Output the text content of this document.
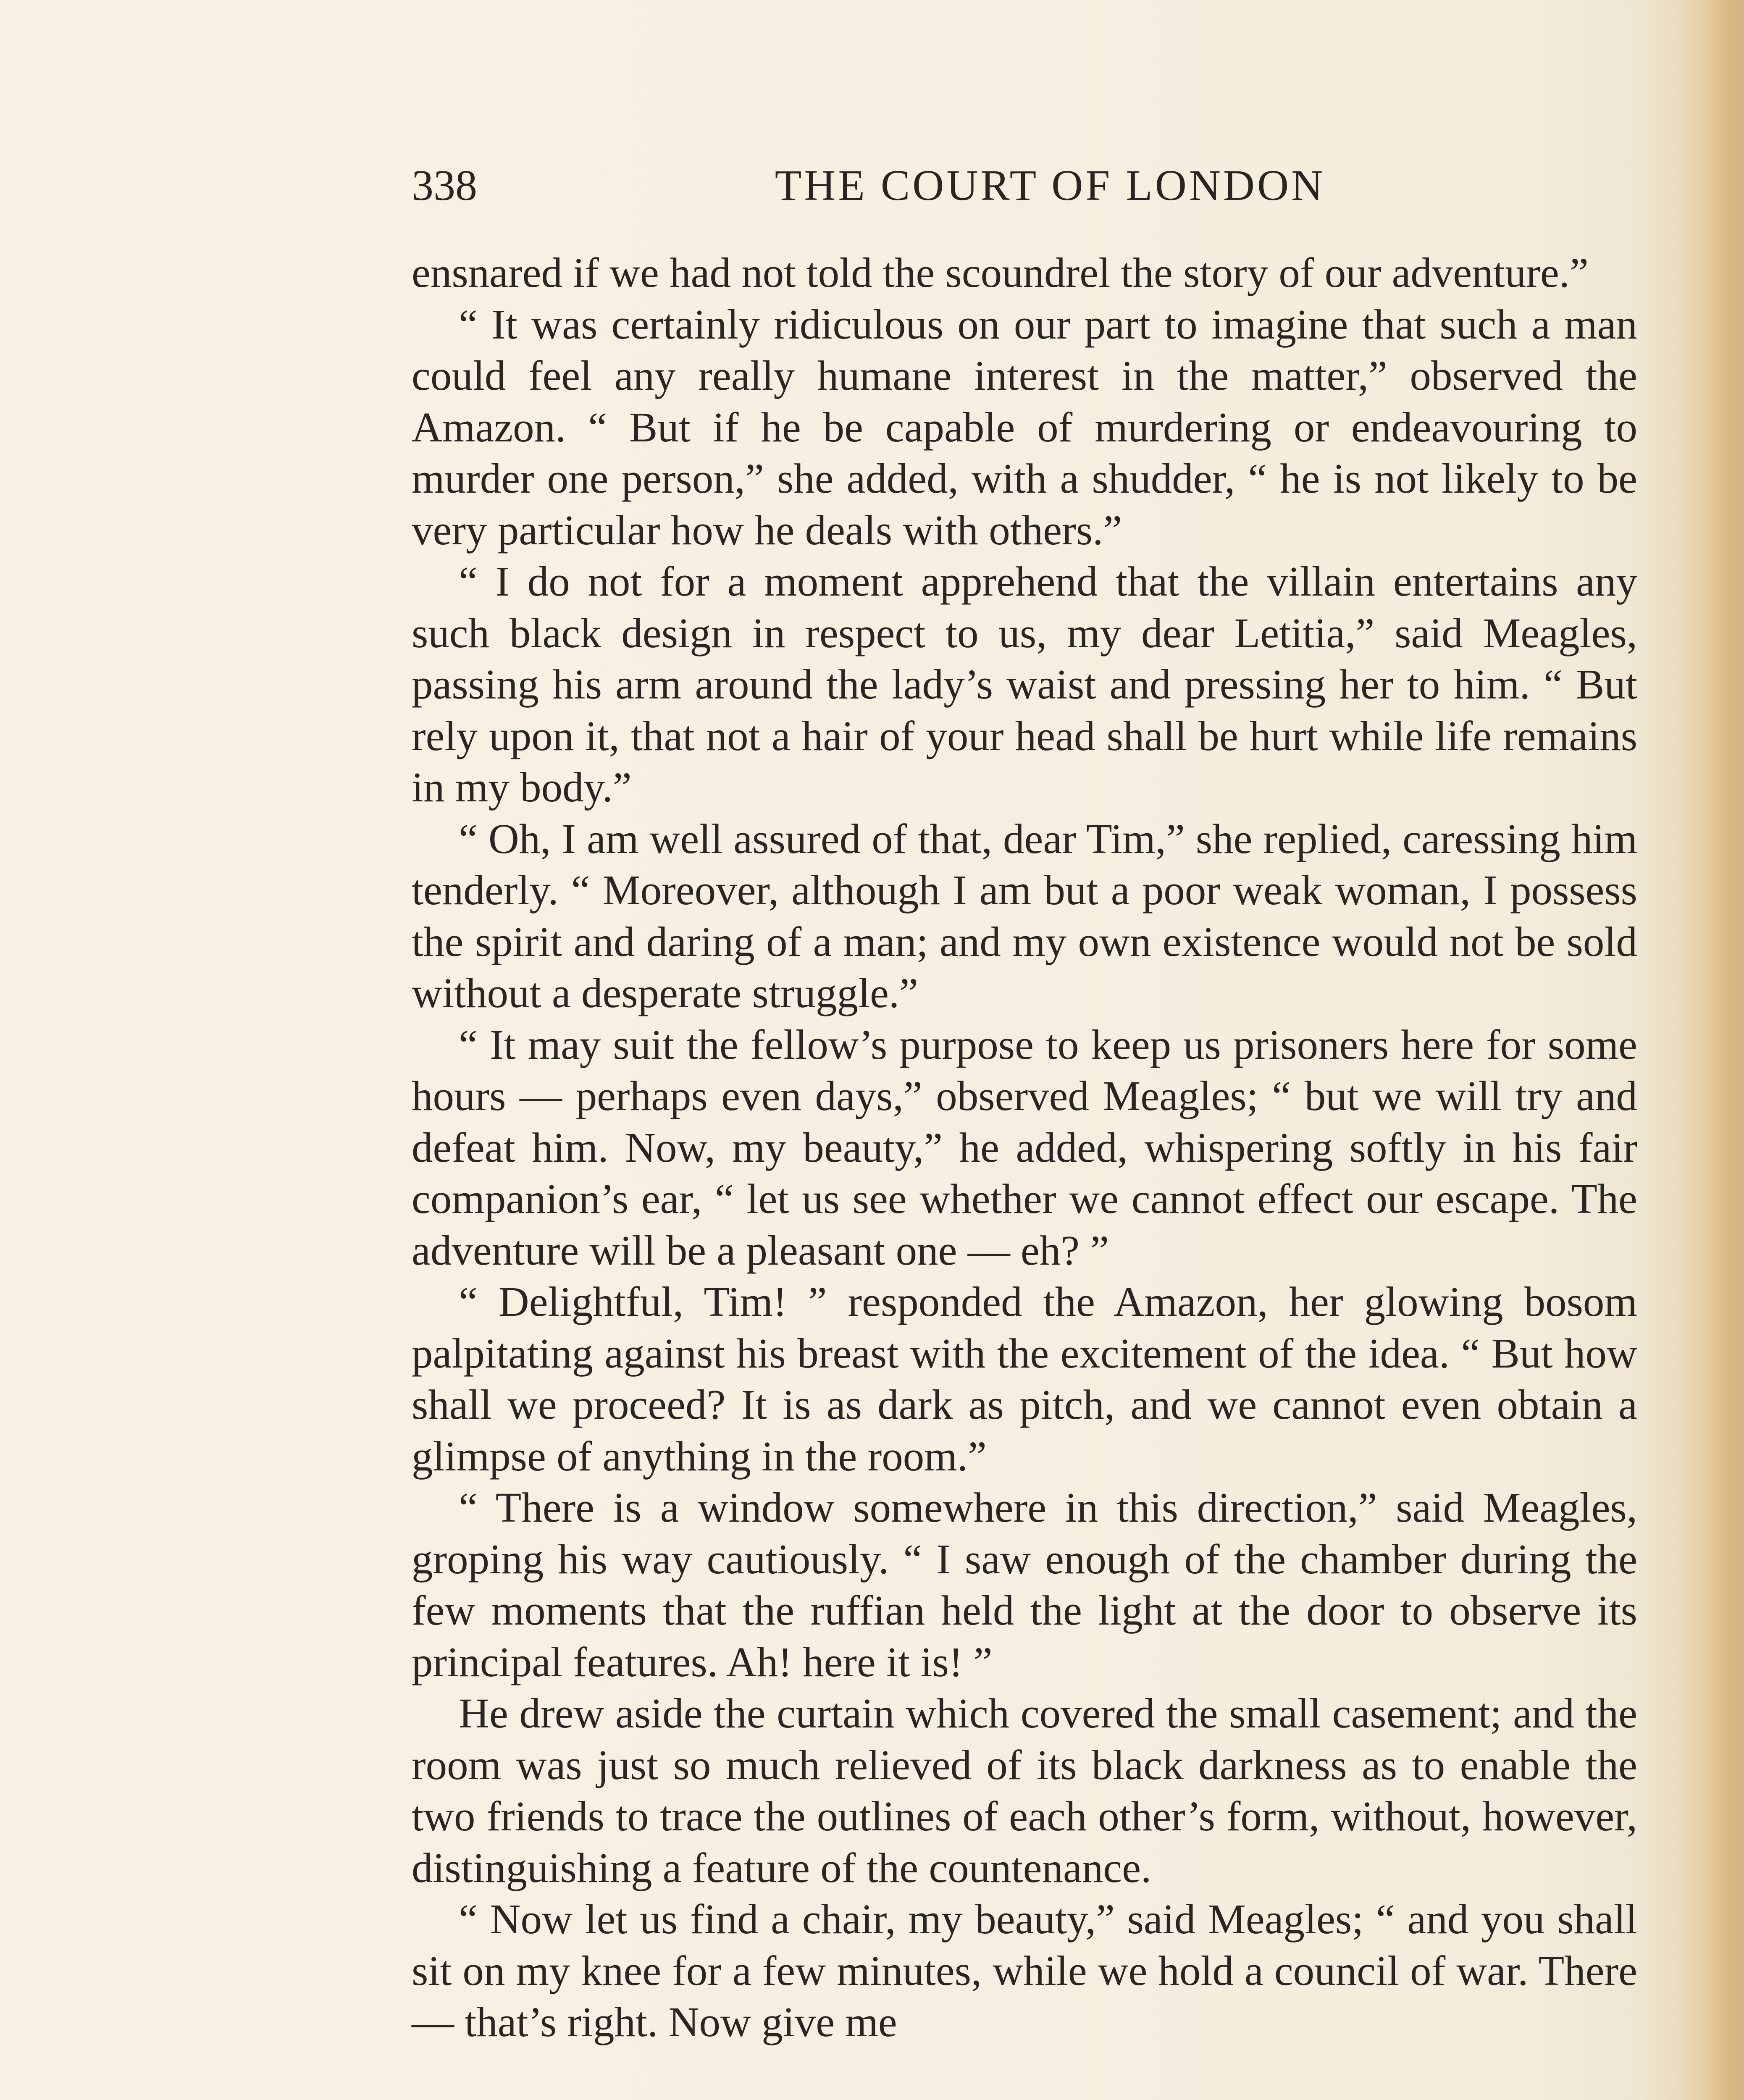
338	THE COURT OF LONDON

ensnared if we had not told the scoundrel the story of our adventure.”

“ It was certainly ridiculous on our part to imagine that such a man could feel any really humane interest in the matter,” observed the Amazon. “ But if he be capable of murdering or endeavouring to murder one person,” she added, with a shudder, “ he is not likely to be very particular how he deals with others.”

“ I do not for a moment apprehend that the villain entertains any such black design in respect to us, my dear Letitia,” said Meagles, passing his arm around the lady’s waist and pressing her to him. “ But rely upon it, that not a hair of your head shall be hurt while life remains in my body.”

“ Oh, I am well assured of that, dear Tim,” she replied, caressing him tenderly. “ Moreover, although I am but a poor weak woman, I possess the spirit and daring of a man; and my own existence would not be sold without a desperate struggle.”

“ It may suit the fellow’s purpose to keep us prisoners here for some hours — perhaps even days,” observed Meagles; “ but we will try and defeat him. Now, my beauty,” he added, whispering softly in his fair companion’s ear, “ let us see whether we cannot effect our escape. The adventure will be a pleasant one — eh? ”

“ Delightful, Tim! ” responded the Amazon, her glowing bosom palpitating against his breast with the excitement of the idea. “ But how shall we proceed? It is as dark as pitch, and we cannot even obtain a glimpse of anything in the room.”

“ There is a window somewhere in this direction,” said Meagles, groping his way cautiously. “ I saw enough of the chamber during the few moments that the ruffian held the light at the door to observe its principal features. Ah! here it is! ”

He drew aside the curtain which covered the small casement; and the room was just so much relieved of its black darkness as to enable the two friends to trace the outlines of each other’s form, without, however, distinguishing a feature of the countenance.

“ Now let us find a chair, my beauty,” said Meagles; “ and you shall sit on my knee for a few minutes, while we hold a council of war. There — that’s right. Now give me
